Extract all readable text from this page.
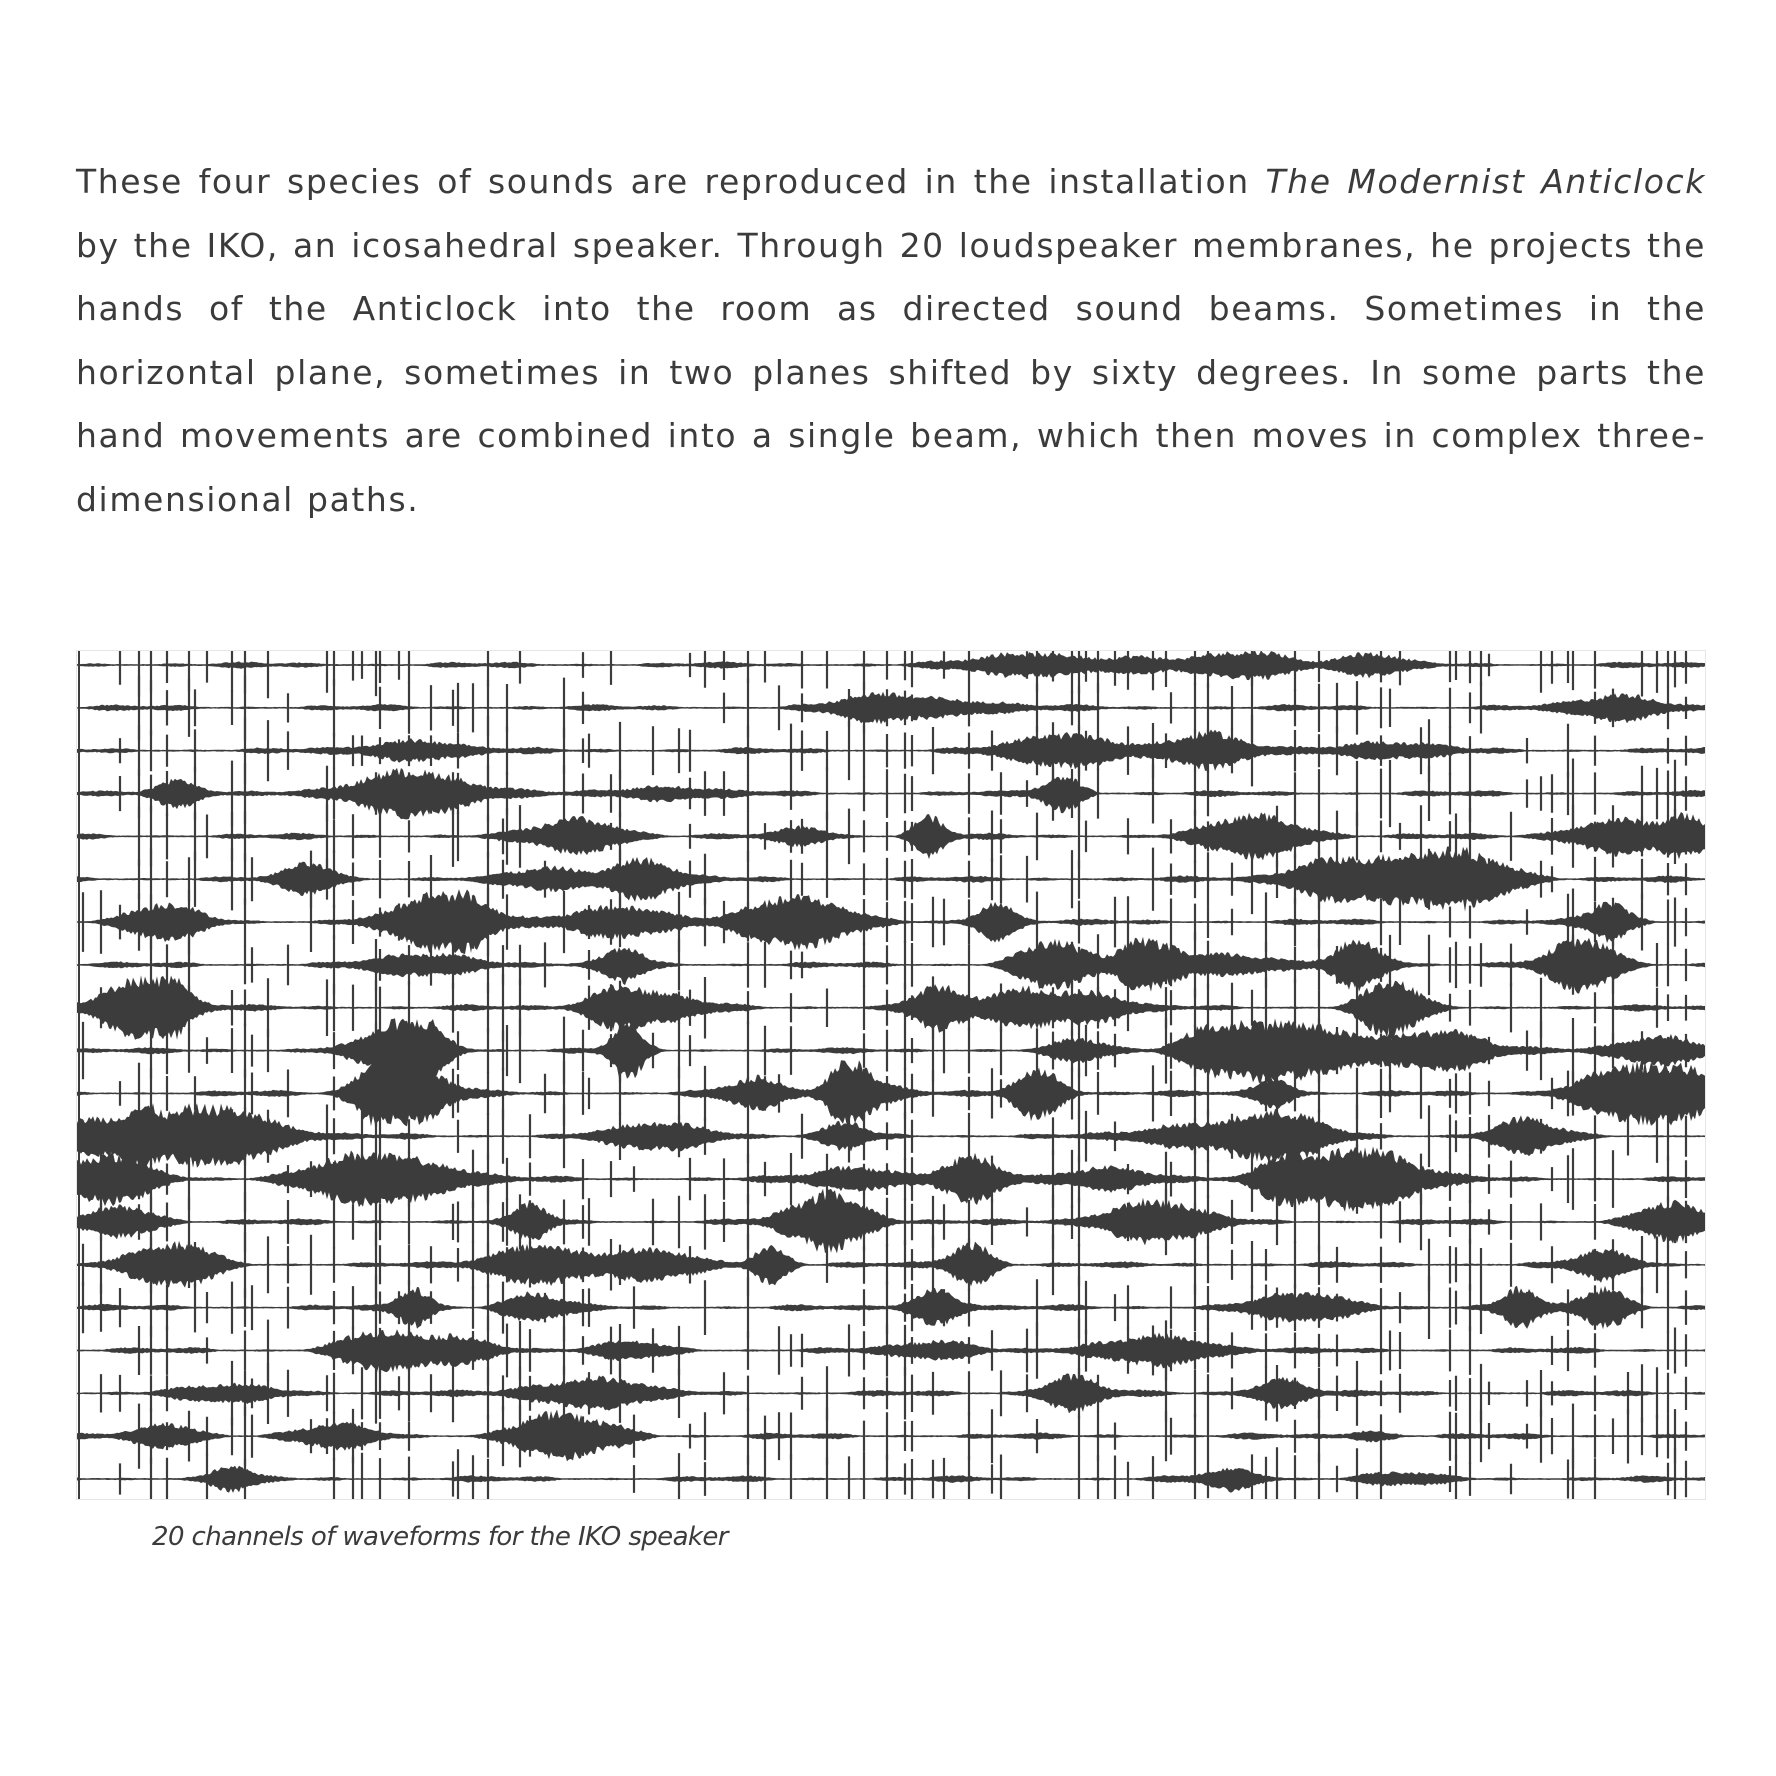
These four species of sounds are reproduced in the installation The Modernist Anticlock by the IKO, an icosahedral speaker. Through 20 loudspeaker membranes, he projects the hands of the Anticlock into the room as directed sound beams. Sometimes in the horizontal plane, sometimes in two planes shifted by sixty degrees. In some parts the hand movements are combined into a single beam, which then moves in complex three-dimensional paths.

20 channels of waveforms for the IKO speaker
